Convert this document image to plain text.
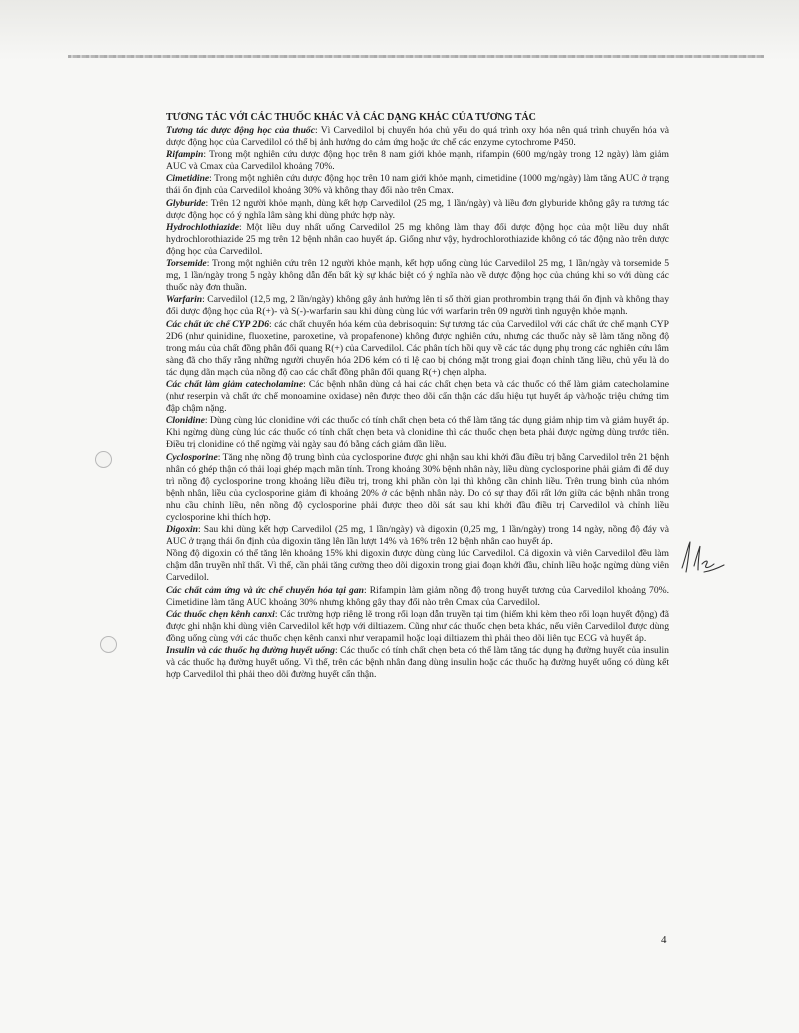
TƯƠNG TÁC VỚI CÁC THUỐC KHÁC VÀ CÁC DẠNG KHÁC CỦA TƯƠNG TÁC

Tương tác dược động học của thuốc: Vì Carvedilol bị chuyển hóa chủ yếu do quá trình oxy hóa nên quá trình chuyển hóa và dược động học của Carvedilol có thể bị ảnh hưởng do cảm ứng hoặc ức chế các enzyme cytochrome P450.

Rifampin: Trong một nghiên cứu dược động học trên 8 nam giới khỏe mạnh, rifampin (600 mg/ngày trong 12 ngày) làm giảm AUC và Cmax của Carvedilol khoảng 70%.

Cimetidine: Trong một nghiên cứu dược động học trên 10 nam giới khỏe mạnh, cimetidine (1000 mg/ngày) làm tăng AUC ở trạng thái ổn định của Carvedilol khoảng 30% và không thay đổi nào trên Cmax.

Glyburide: Trên 12 người khỏe mạnh, dùng kết hợp Carvedilol (25 mg, 1 lần/ngày) và liều đơn glyburide không gây ra tương tác dược động học có ý nghĩa lâm sàng khi dùng phức hợp này.

Hydrochlothiazide: Một liều duy nhất uống Carvedilol 25 mg không làm thay đổi dược động học của một liều duy nhất hydrochlorothiazide 25 mg trên 12 bệnh nhân cao huyết áp. Giống như vậy, hydrochlorothiazide không có tác động nào trên dược động học của Carvedilol.

Torsemide: Trong một nghiên cứu trên 12 người khỏe mạnh, kết hợp uống cùng lúc Carvedilol 25 mg, 1 lần/ngày và torsemide 5 mg, 1 lần/ngày trong 5 ngày không dẫn đến bất kỳ sự khác biệt có ý nghĩa nào về dược động học của chúng khi so với dùng các thuốc này đơn thuần.

Warfarin: Carvedilol (12,5 mg, 2 lần/ngày) không gây ảnh hưởng lên tỉ số thời gian prothrombin trạng thái ổn định và không thay đổi dược động học của R(+)- và S(-)-warfarin sau khi dùng cùng lúc với warfarin trên 09 người tình nguyện khỏe mạnh.

Các chất ức chế CYP 2D6: các chất chuyển hóa kém của debrisoquin: Sự tương tác của Carvedilol với các chất ức chế mạnh CYP 2D6 (như quinidine, fluoxetine, paroxetine, và propafenone) không được nghiên cứu, nhưng các thuốc này sẽ làm tăng nồng độ trong máu của chất đồng phân đối quang R(+) của Carvedilol. Các phân tích hồi quy về các tác dụng phụ trong các nghiên cứu lâm sàng đã cho thấy rằng những người chuyển hóa 2D6 kém có tỉ lệ cao bị chóng mặt trong giai đoạn chỉnh tăng liều, chủ yếu là do tác dụng dãn mạch của nồng độ cao các chất đồng phân đối quang R(+) chẹn alpha.

Các chất làm giảm catecholamine: Các bệnh nhân dùng cả hai các chất chẹn beta và các thuốc có thể làm giảm catecholamine (như reserpin và chất ức chế monoamine oxidase) nên được theo dõi cẩn thận các dấu hiệu tụt huyết áp và/hoặc triệu chứng tim đập chậm nặng.

Clonidine: Dùng cùng lúc clonidine với các thuốc có tính chất chẹn beta có thể làm tăng tác dụng giảm nhịp tim và giảm huyết áp. Khi ngừng dùng cùng lúc các thuốc có tính chất chẹn beta và clonidine thì các thuốc chẹn beta phải được ngừng dùng trước tiên. Điều trị clonidine có thể ngừng vài ngày sau đó bằng cách giảm dần liều.

Cyclosporine: Tăng nhẹ nồng độ trung bình của cyclosporine được ghi nhận sau khi khởi đầu điều trị bằng Carvedilol trên 21 bệnh nhân có ghép thận có thải loại ghép mạch mãn tính. Trong khoảng 30% bệnh nhân này, liều dùng cyclosporine phải giảm đi để duy trì nồng độ cyclosporine trong khoảng liều điều trị, trong khi phần còn lại thì không cần chỉnh liều. Trên trung bình của nhóm bệnh nhân, liều của cyclosporine giảm đi khoảng 20% ở các bệnh nhân này. Do có sự thay đổi rất lớn giữa các bệnh nhân trong nhu cầu chỉnh liều, nên nồng độ cyclosporine phải được theo dõi sát sau khi khởi đầu điều trị Carvedilol và chỉnh liều cyclosporine khi thích hợp.

Digoxin: Sau khi dùng kết hợp Carvedilol (25 mg, 1 lần/ngày) và digoxin (0,25 mg, 1 lần/ngày) trong 14 ngày, nồng độ đáy và AUC ở trạng thái ổn định của digoxin tăng lên lần lượt 14% và 16% trên 12 bệnh nhân cao huyết áp.

Nồng độ digoxin có thể tăng lên khoảng 15% khi digoxin được dùng cùng lúc Carvedilol. Cả digoxin và viên Carvedilol đều làm chậm dẫn truyền nhĩ thất. Vì thế, cần phải tăng cường theo dõi digoxin trong giai đoạn khởi đầu, chỉnh liều hoặc ngừng dùng viên Carvedilol.

Các chất cảm ứng và ức chế chuyển hóa tại gan: Rifampin làm giảm nồng độ trong huyết tương của Carvedilol khoảng 70%. Cimetidine làm tăng AUC khoảng 30% nhưng không gây thay đổi nào trên Cmax của Carvedilol.

Các thuốc chẹn kênh canxi: Các trường hợp riêng lẽ trong rối loạn dẫn truyền tại tim (hiếm khi kèm theo rối loạn huyết động) đã được ghi nhận khi dùng viên Carvedilol kết hợp với diltiazem. Cũng như các thuốc chẹn beta khác, nếu viên Carvedilol được dùng đồng uống cùng với các thuốc chẹn kênh canxi như verapamil hoặc loại diltiazem thì phải theo dõi liên tục ECG và huyết áp.

Insulin và các thuốc hạ đường huyết uống: Các thuốc có tính chất chẹn beta có thể làm tăng tác dụng hạ đường huyết của insulin và các thuốc hạ đường huyết uống. Vì thế, trên các bệnh nhân đang dùng insulin hoặc các thuốc hạ đường huyết uống có dùng kết hợp Carvedilol thì phải theo dõi đường huyết cẩn thận.

4
